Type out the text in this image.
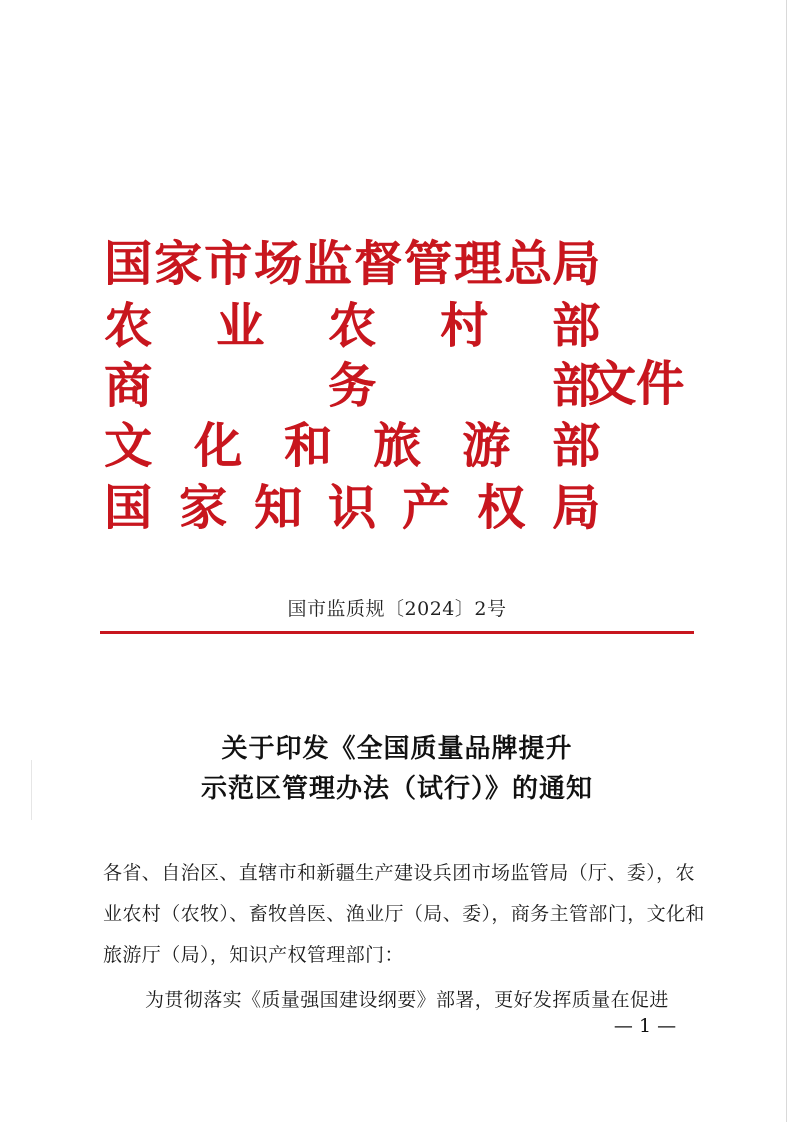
国 家 市 场 监 督 管 理 总 局
农 业 农 村 部
商	务	部
文 化 和 旅 游 部
国 家 知 识 产 权 局
文件
国市监质规〔2024〕2号
关于印发《全国质量品牌提升
示范区管理办法（试行）》的通知
各省、自治区、直辖市和新疆生产建设兵团市场监管局（厅、委），农
业农村（农牧）、畜牧兽医、渔业厅（局、委），商务主管部门，文化和
旅游厅（局），知识产权管理部门：
为贯彻落实《质量强国建设纲要》部署，更好发挥质量在促进
— 1 —
